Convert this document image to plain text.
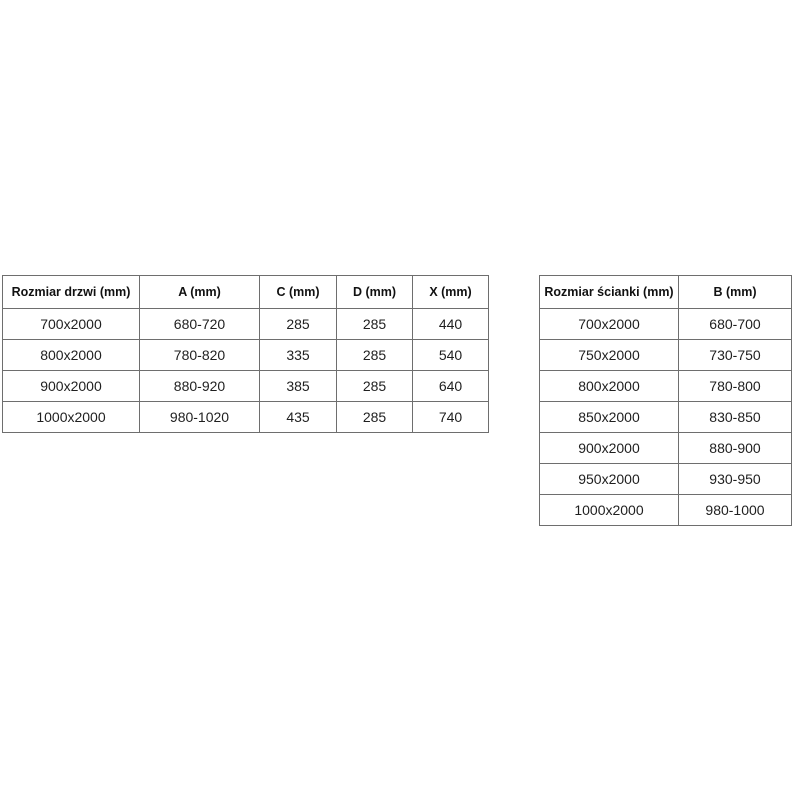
Rozmiar drzwi (mm)	A (mm)	C (mm)	D (mm)	X (mm)
700x2000	680-720	285	285	440
800x2000	780-820	335	285	540
900x2000	880-920	385	285	640
1000x2000	980-1020	435	285	740
Rozmiar ścianki (mm)	B (mm)
700x2000	680-700
750x2000	730-750
800x2000	780-800
850x2000	830-850
900x2000	880-900
950x2000	930-950
1000x2000	980-1000
